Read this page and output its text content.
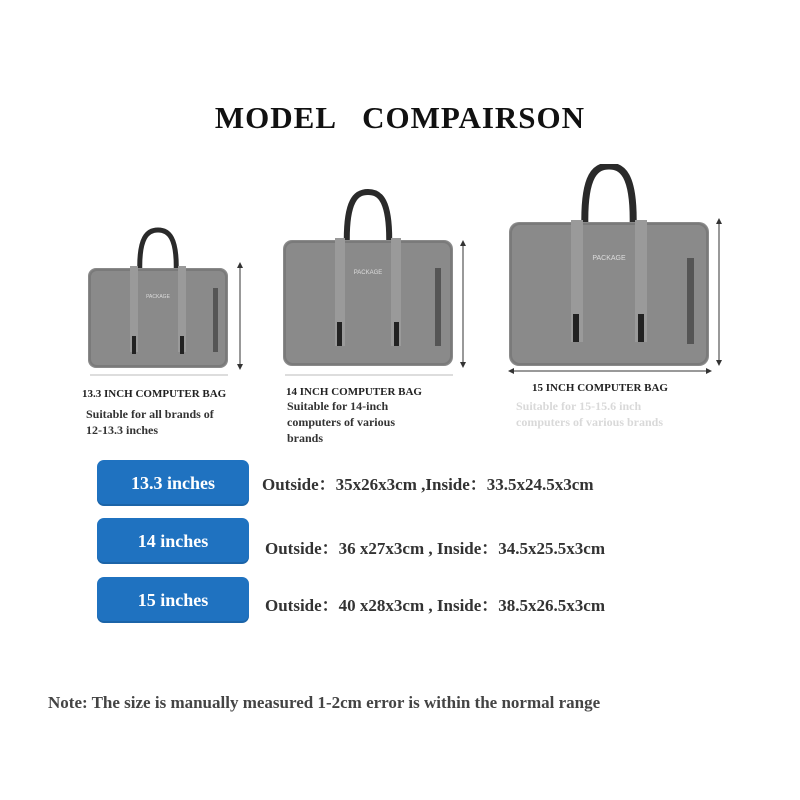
MODEL COMPAIRSON
PACKAGE
13.3 INCH COMPUTER BAG
Suitable for all brands of
12-13.3 inches
PACKAGE
14 INCH COMPUTER BAG
Suitable for 14-inch
computers of various
brands
PACKAGE
15 INCH COMPUTER BAG
Suitable for 15-15.6 inch
computers of various brands
13.3 inches	Outside：35x26x3cm ,Inside：33.5x24.5x3cm
14 inches	Outside：36 x27x3cm , Inside：34.5x25.5x3cm
15 inches	Outside：40 x28x3cm , Inside：38.5x26.5x3cm
Note: The size is manually measured 1-2cm error is within the normal range
